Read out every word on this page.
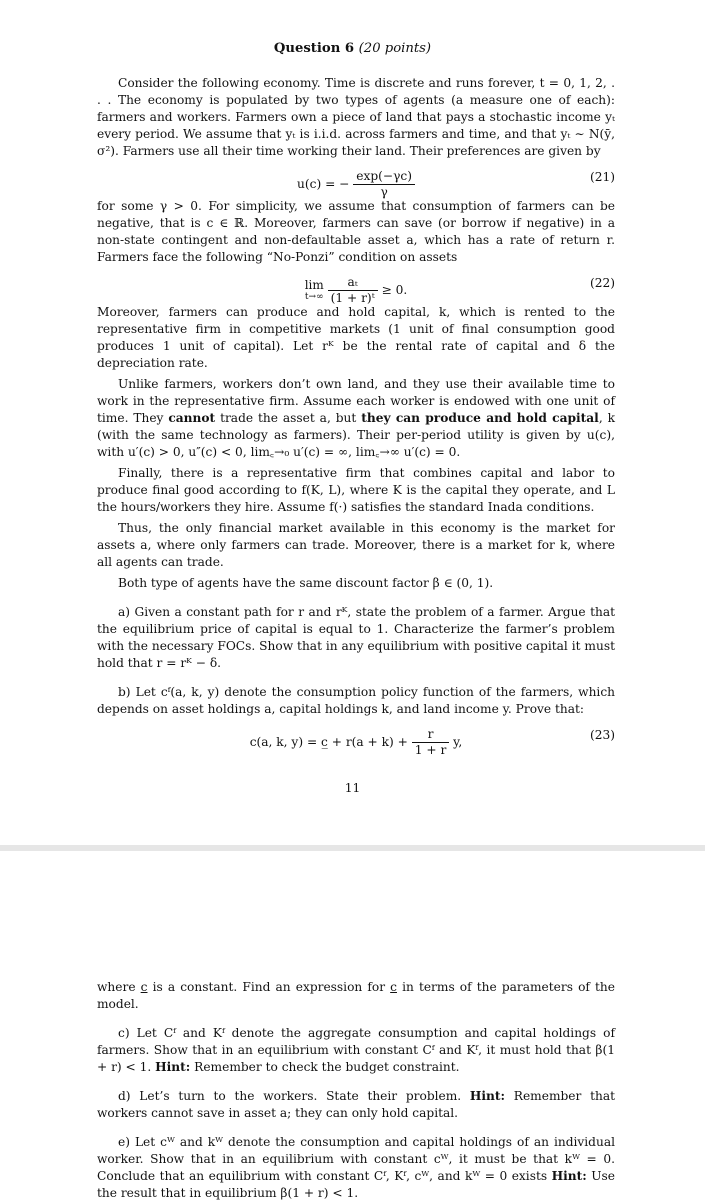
Question 6 (20 points)

Consider the following economy. Time is discrete and runs forever, t = 0, 1, 2, . . . The economy is populated by two types of agents (a measure one of each): farmers and workers. Farmers own a piece of land that pays a stochastic income yₜ every period. We assume that yₜ is i.i.d. across farmers and time, and that yₜ ∼ N(ȳ, σ²). Farmers use all their time working their land. Their preferences are given by

u(c) = − $\frac{\exp(-\gamma c)}{\gamma}$	(21)

for some γ > 0. For simplicity, we assume that consumption of farmers can be negative, that is c ∈ ℝ. Moreover, farmers can save (or borrow if negative) in a non-state contingent and non-defaultable asset a, which has a rate of return r. Farmers face the following “No-Ponzi” condition on assets

lim
t→∞
$\frac{\text{aₜ}}{\text{(1 + r)ᵗ}} \ge 0$.	(22)

Moreover, farmers can produce and hold capital, k, which is rented to the representative firm in competitive markets (1 unit of final consumption good produces 1 unit of capital). Let rᴷ be the rental rate of capital and δ the depreciation rate.

Unlike farmers, workers don’t own land, and they use their available time to work in the representative firm. Assume each worker is endowed with one unit of time. They cannot trade the asset a, but they can produce and hold capital, k (with the same technology as farmers). Their per-period utility is given by u(c), with u′(c) > 0, u″(c) < 0, lim꜀→₀ u′(c) = ∞, lim꜀→∞ u′(c) = 0.

Finally, there is a representative firm that combines capital and labor to produce final good according to f(K, L), where K is the capital they operate, and L the hours/workers they hire. Assume f(·) satisfies the standard Inada conditions.

Thus, the only financial market available in this economy is the market for assets a, where only farmers can trade. Moreover, there is a market for k, where all agents can trade.

Both type of agents have the same discount factor β ∈ (0, 1).

a) Given a constant path for r and rᴷ, state the problem of a farmer. Argue that the equilibrium price of capital is equal to 1. Characterize the farmer’s problem with the necessary FOCs. Show that in any equilibrium with positive capital it must hold that r = rᴷ − δ.

b) Let cᶠ(a, k, y) denote the consumption policy function of the farmers, which depends on asset holdings a, capital holdings k, and land income y. Prove that:

c(a, k, y) = c̲ + $r(a + k) + \frac{r}{1 + r} y$,	(23)
11

where c is a constant. Find an expression for c in terms of the parameters of the model.

c) Let Cᶠ and Kᶠ denote the aggregate consumption and capital holdings of farmers. Show that in an equilibrium with constant Cᶠ and Kᶠ, it must hold that β(1 + r) < 1. Hint: Remember to check the budget constraint.

d) Let’s turn to the workers. State their problem. Hint: Remember that workers cannot save in asset a; they can only hold capital.

e) Let cᵂ and kᵂ denote the consumption and capital holdings of an individual worker. Show that in an equilibrium with constant cᵂ, it must be that kᵂ = 0. Conclude that an equilibrium with constant Cᶠ, Kᶠ, cᵂ, and kᵂ = 0 exists Hint: Use the result that in equilibrium β(1 + r) < 1.
